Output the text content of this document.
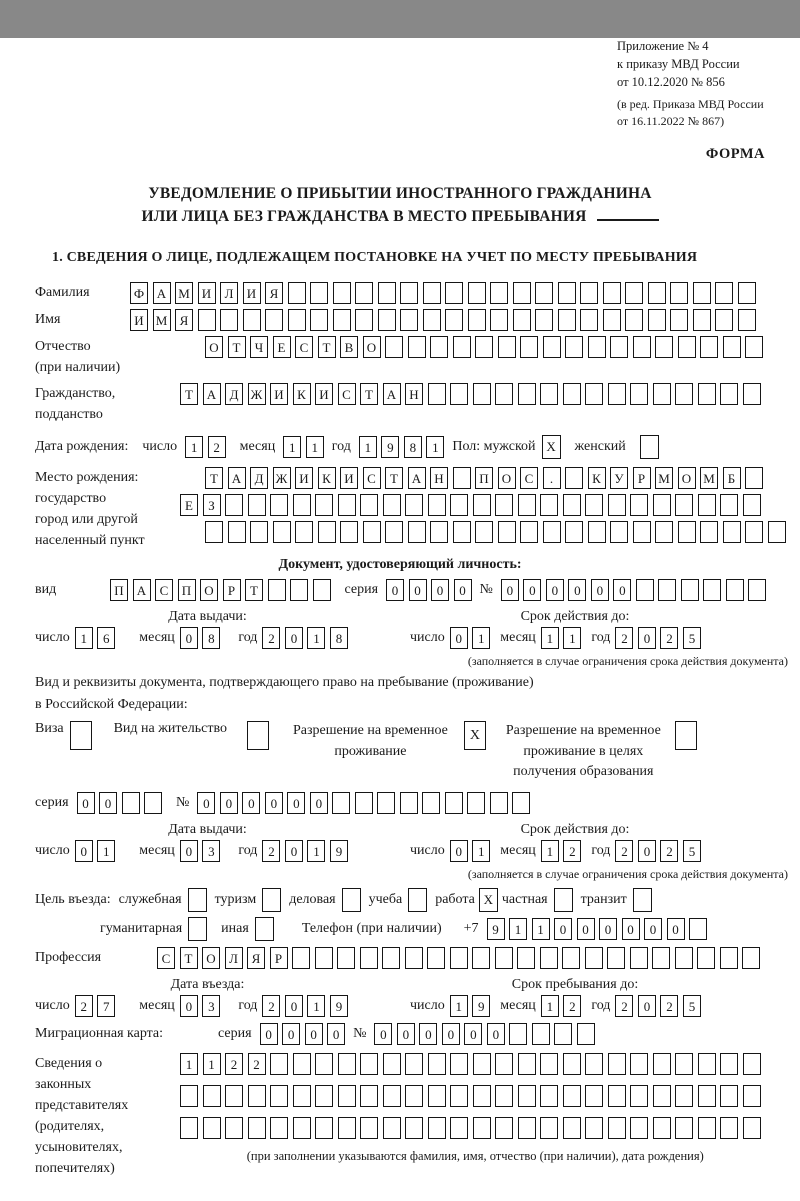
Приложение № 4
к приказу МВД России
от 10.12.2020 № 856
(в ред. Приказа МВД России
от 16.11.2022 № 867)
ФОРМА
УВЕДОМЛЕНИЕ О ПРИБЫТИИ ИНОСТРАННОГО ГРАЖДАНИНА
ИЛИ ЛИЦА БЕЗ ГРАЖДАНСТВА В МЕСТО ПРЕБЫВАНИЯ
1. СВЕДЕНИЯ О ЛИЦЕ, ПОДЛЕЖАЩЕМ ПОСТАНОВКЕ НА УЧЕТ ПО МЕСТУ ПРЕБЫВАНИЯ
Фамилия	Ф А М И	Л	И	Я
Имя	И М Я
Отчество
(при наличии)
О	Т	Ч	Е	С	Т	В	О
Гражданство,
подданство
Т	А	Д Ж И	К	И	С	Т	А	Н
Дата рождения: число	1	2	месяц	1	1 год	1	9	8	1 Пол: мужской X	женский
Место рождения:
государство
город или другой
населенный пункт
Т	А	Д Ж И	К	И	С	Т	А	Н	П	О	С	.	К	У	Р	М О М Б
Е	З
Документ, удостоверяющий личность:
вид	П	А	С	П	О	Р	Т	серия	0	0	0	0 №	0	0	0	0	0	0
Дата выдачи:	Срок действия до:
число 1	6	месяц 0	8	год 2	0	1	8	число 0	1	месяц 1	1	год 2	0	2	5
(заполняется в случае ограничения срока действия документа)
Вид и реквизиты документа, подтверждающего право на пребывание (проживание)
в Российской Федерации:
Виза	Вид на жительство	Разрешение на временное
проживание
X	Разрешение на временное
проживание в целях
получения образования
серия	0	0	№	0	0	0	0	0	0
Дата выдачи:	Срок действия до:
число 0	1	месяц 0	3	год 2	0	1	9	число 0	1	месяц 1	2	год 2	0	2	5
(заполняется в случае ограничения срока действия документа)
Цель въезда: служебная туризм деловая учеба работа X частная транзит
гуманитарная	иная	Телефон (при наличии) +7	9	1	1	0	0	0	0	0	0
Профессия	С	Т	О	Л	Я	Р
Дата въезда:	Срок пребывания до:
число 2	7	месяц 0	3	год 2	0	1	9	число 1	9	месяц 1	2	год 2	0	2	5
Миграционная карта:	серия	0	0	0	0 №	0	0	0	0	0	0
Сведения о
законных
представителях
(родителях,
усыновителях,
попечителях)
1	1	2	2
(при заполнении указываются фамилия, имя, отчество (при наличии), дата рождения)
